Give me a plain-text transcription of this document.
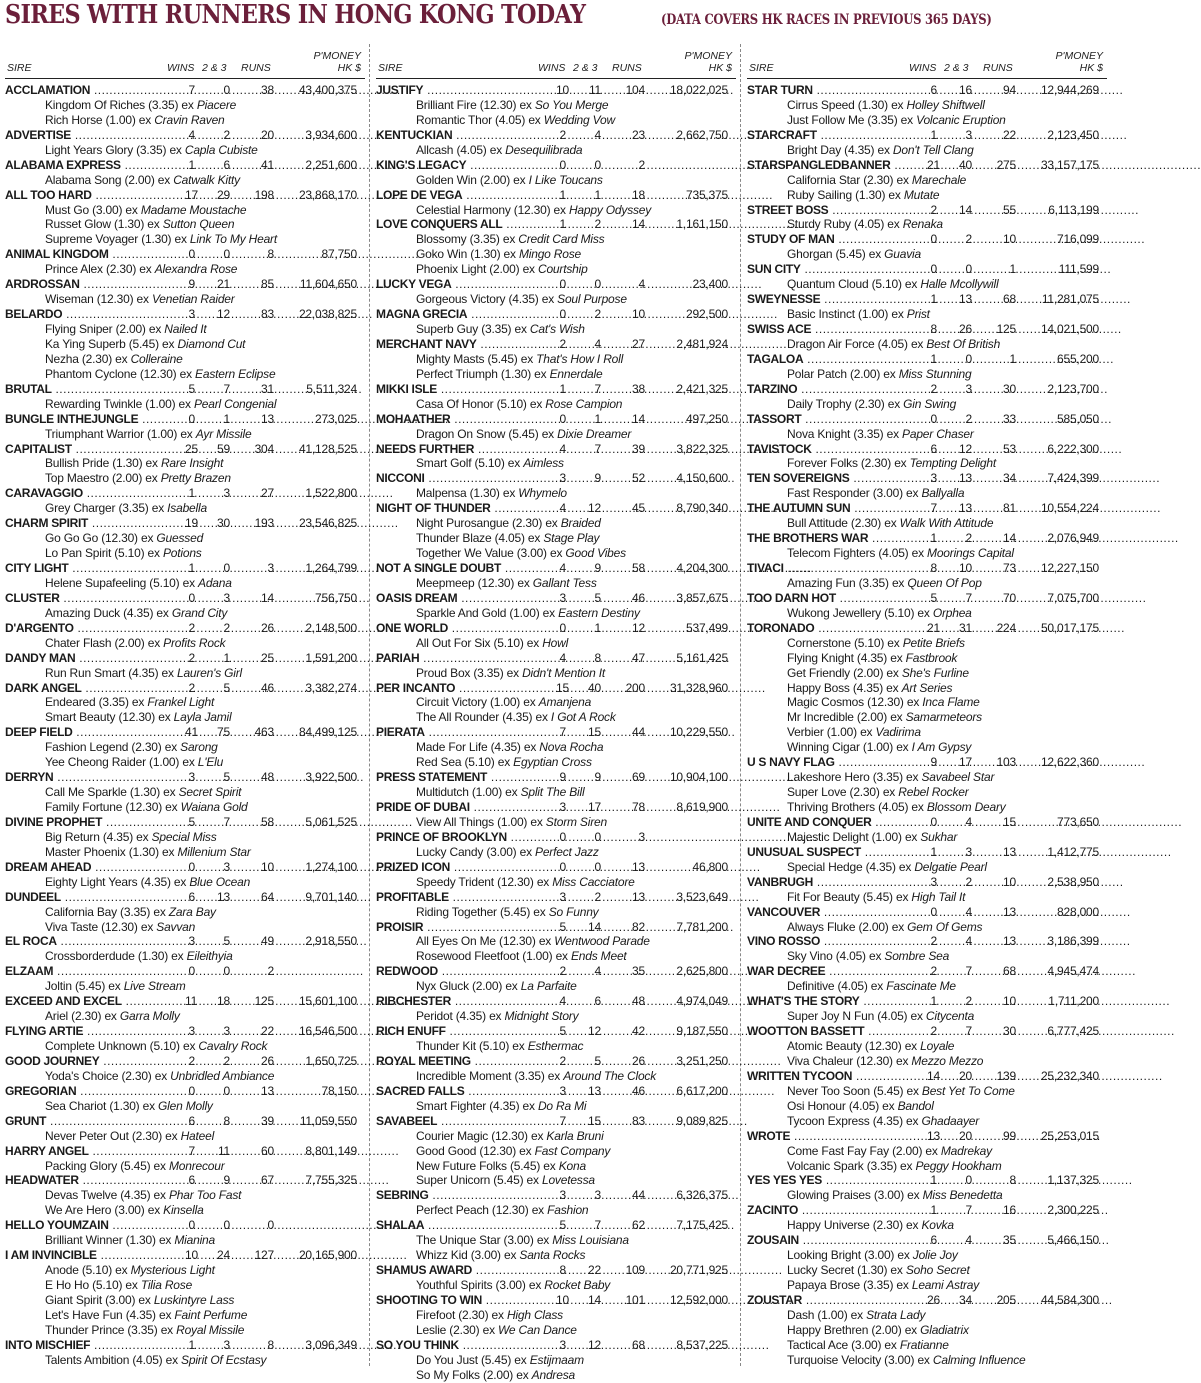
SIRES WITH RUNNERS IN HONG KONG TODAY	(DATA COVERS HK RACES IN PREVIOUS 365 DAYS)
SIRE	WINS 2 & 3 RUNS
P'MONEY
HK $
ACCLAMATION .....	7	0	38 43,400,375
Kingdom Of Riches (3.35) ex Piacere
Rich Horse (1.00) ex Cravin Raven
ADVERTISE .....	4	2	20	3,934,600
Light Years Glory (3.35) ex Capla Cubiste
ALABAMA EXPRESS .....	1	6	41	2,251,600
Alabama Song (2.00) ex Catwalk Kitty
ALL TOO HARD .....	17	29	198 23,868,170
Must Go (3.00) ex Madame Moustache
Russet Glow (1.30) ex Sutton Queen
Supreme Voyager (1.30) ex Link To My Heart
ANIMAL KINGDOM .....	0	0	8	87,750
Prince Alex (2.30) ex Alexandra Rose
ARDROSSAN .....	9	21	85 11,604,650
Wiseman (12.30) ex Venetian Raider
BELARDO .....	3	12	83 22,038,825
Flying Sniper (2.00) ex Nailed It
Ka Ying Superb (5.45) ex Diamond Cut
Nezha (2.30) ex Colleraine
Phantom Cyclone (12.30) ex Eastern Eclipse
BRUTAL .....	5	7	31	5,511,324
Rewarding Twinkle (1.00) ex Pearl Congenial
BUNGLE INTHEJUNGLE .....	0	1	13	273,025
Triumphant Warrior (1.00) ex Ayr Missile
CAPITALIST .....	25	59	304 41,128,525
Bullish Pride (1.30) ex Rare Insight
Top Maestro (2.00) ex Pretty Brazen
CARAVAGGIO .....	1	3	27	1,522,800
Grey Charger (3.35) ex Isabella
CHARM SPIRIT .....	19	30	193 23,546,825
Go Go Go (12.30) ex Guessed
Lo Pan Spirit (5.10) ex Potions
CITY LIGHT .....	1	0	3	1,264,799
Helene Supafeeling (5.10) ex Adana
CLUSTER .....	0	3	14	756,750
Amazing Duck (4.35) ex Grand City
D'ARGENTO .....	2	2	26	2,148,500
Chater Flash (2.00) ex Profits Rock
DANDY MAN .....	2	1	25	1,591,200
Run Run Smart (4.35) ex Lauren's Girl
DARK ANGEL .....	2	5	46	3,382,274
Endeared (3.35) ex Frankel Light
Smart Beauty (12.30) ex Layla Jamil
DEEP FIELD .....	41	75	463 84,499,125
Fashion Legend (2.30) ex Sarong
Yee Cheong Raider (1.00) ex L'Elu
DERRYN .....	3	5	48	3,922,500
Call Me Sparkle (1.30) ex Secret Spirit
Family Fortune (12.30) ex Waiana Gold
DIVINE PROPHET .....	5	7	58	5,061,525
Big Return (4.35) ex Special Miss
Master Phoenix (1.30) ex Millenium Star
DREAM AHEAD .....	0	3	10	1,274,100
Eighty Light Years (4.35) ex Blue Ocean
DUNDEEL .....	6	13	64	9,701,140
California Bay (3.35) ex Zara Bay
Viva Taste (12.30) ex Savvan
EL ROCA .....	3	5	49	2,918,550
Crossborderdude (1.30) ex Eileithyia
ELZAAM .....	0	0	2
Joltin (5.45) ex Live Stream
EXCEED AND EXCEL .....	11	18	125 15,601,100
Ariel (2.30) ex Garra Molly
FLYING ARTIE .....	3	3	22 16,546,500
Complete Unknown (5.10) ex Cavalry Rock
GOOD JOURNEY .....	2	2	26	1,650,725
Yoda's Choice (2.30) ex Unbridled Ambiance
GREGORIAN .....	0	0	13	78,150
Sea Chariot (1.30) ex Glen Molly
GRUNT .....	6	8	39 11,059,550
Never Peter Out (2.30) ex Hateel
HARRY ANGEL .....	7	11	60	8,801,149
Packing Glory (5.45) ex Monrecour
HEADWATER .....	6	9	67	7,755,325
Devas Twelve (4.35) ex Phar Too Fast
We Are Hero (3.00) ex Kinsella
HELLO YOUMZAIN .....	0	0	0
Brilliant Winner (1.30) ex Mianina
I AM INVINCIBLE .....	10	24	127 20,165,900
Anode (5.10) ex Mysterious Light
E Ho Ho (5.10) ex Tilia Rose
Giant Spirit (3.00) ex Luskintyre Lass
Let's Have Fun (4.35) ex Faint Perfume
Thunder Prince (3.35) ex Royal Missile
INTO MISCHIEF .....	1	3	8	3,096,349
Talents Ambition (4.05) ex Spirit Of Ecstasy
SIRE	WINS 2 & 3 RUNS
P'MONEY
HK $
JUSTIFY .....	10	11	104 18,022,025
Brilliant Fire (12.30) ex So You Merge
Romantic Thor (4.05) ex Wedding Vow
KENTUCKIAN .....	2	4	23	2,662,750
Allcash (4.05) ex Desequilibrada
KING'S LEGACY .....	0	0	2
Golden Win (2.00) ex I Like Toucans
LOPE DE VEGA .....	1	1	18	735,375
Celestial Harmony (12.30) ex Happy Odyssey
LOVE CONQUERS ALL .....	1	2	14	1,161,150
Blossomy (3.35) ex Credit Card Miss
Goko Win (1.30) ex Mingo Rose
Phoenix Light (2.00) ex Courtship
LUCKY VEGA .....	0	0	4	23,400
Gorgeous Victory (4.35) ex Soul Purpose
MAGNA GRECIA .....	0	2	10	292,500
Superb Guy (3.35) ex Cat's Wish
MERCHANT NAVY .....	2	4	27	2,481,924
Mighty Masts (5.45) ex That's How I Roll
Perfect Triumph (1.30) ex Ennerdale
MIKKI ISLE .....	1	7	38	2,421,325
Casa Of Honor (5.10) ex Rose Campion
MOHAATHER .....	0	1	14	497,250
Dragon On Snow (5.45) ex Dixie Dreamer
NEEDS FURTHER .....	4	7	39	3,822,325
Smart Golf (5.10) ex Aimless
NICCONI .....	3	9	52	4,150,600
Malpensa (1.30) ex Whymelo
NIGHT OF THUNDER .....	4	12	45	8,790,340
Night Purosangue (2.30) ex Braided
Thunder Blaze (4.05) ex Stage Play
Together We Value (3.00) ex Good Vibes
NOT A SINGLE DOUBT .....	4	9	58	4,204,300
Meepmeep (12.30) ex Gallant Tess
OASIS DREAM .....	3	5	46	3,857,675
Sparkle And Gold (1.00) ex Eastern Destiny
ONE WORLD .....	0	1	12	537,499
All Out For Six (5.10) ex Howl
PARIAH .....	4	8	47	5,161,425
Proud Box (3.35) ex Didn't Mention It
PER INCANTO .....	15	40	200 31,328,960
Circuit Victory (1.00) ex Amanjena
The All Rounder (4.35) ex I Got A Rock
PIERATA .....	7	15	44 10,229,550
Made For Life (4.35) ex Nova Rocha
Red Sea (5.10) ex Egyptian Cross
PRESS STATEMENT .....	9	9	69 10,904,100
Multidutch (1.00) ex Split The Bill
PRIDE OF DUBAI .....	3	17	78	8,619,900
View All Things (1.00) ex Storm Siren
PRINCE OF BROOKLYN .....	0	0	3
Lucky Candy (3.00) ex Perfect Jazz
PRIZED ICON .....	0	0	13	46,800
Speedy Trident (12.30) ex Miss Cacciatore
PROFITABLE .....	3	2	13	3,523,649
Riding Together (5.45) ex So Funny
PROISIR .....	5	14	82	7,781,200
All Eyes On Me (12.30) ex Wentwood Parade
Rosewood Fleetfoot (1.00) ex Ends Meet
REDWOOD .....	2	4	35	2,625,800
Nyx Gluck (2.00) ex La Parfaite
RIBCHESTER .....	4	6	48	4,974,049
Peridot (4.35) ex Midnight Story
RICH ENUFF .....	5	12	42	9,187,550
Thunder Kit (5.10) ex Esthermac
ROYAL MEETING .....	2	5	26	3,251,250
Incredible Moment (3.35) ex Around The Clock
SACRED FALLS .....	3	13	46	6,617,200
Smart Fighter (4.35) ex Do Ra Mi
SAVABEEL .....	7	15	83	9,089,825
Courier Magic (12.30) ex Karla Bruni
Good Good (12.30) ex Fast Company
New Future Folks (5.45) ex Kona
Super Unicorn (5.45) ex Lovetessa
SEBRING .....	3	3	44	6,326,375
Perfect Peach (12.30) ex Fashion
SHALAA .....	5	7	62	7,175,425
The Unique Star (3.00) ex Miss Louisiana
Whizz Kid (3.00) ex Santa Rocks
SHAMUS AWARD .....	8	22	109 20,771,925
Youthful Spirits (3.00) ex Rocket Baby
SHOOTING TO WIN .....	10	14	101 12,592,000
Firefoot (2.30) ex High Class
Leslie (2.30) ex We Can Dance
SO YOU THINK .....	3	12	68	8,537,225
Do You Just (5.45) ex Estijmaam
So My Folks (2.00) ex Andresa
SIRE	WINS 2 & 3 RUNS
P'MONEY
HK $
STAR TURN .....	6	16	94 12,944,269
Cirrus Speed (1.30) ex Holley Shiftwell
Just Follow Me (3.35) ex Volcanic Eruption
STARCRAFT .....	1	3	22	2,123,450
Bright Day (4.35) ex Don't Tell Clang
STARSPANGLEDBANNER .....	21	40	275 33,157,175
California Star (2.30) ex Marechale
Ruby Sailing (1.30) ex Mutate
STREET BOSS .....	2	14	55	6,113,199
Sturdy Ruby (4.05) ex Renaka
STUDY OF MAN .....	0	2	10	716,099
Ghorgan (5.45) ex Guavia
SUN CITY .....	0	0	1	111,599
Quantum Cloud (5.10) ex Halle Mcollywill
SWEYNESSE .....	1	13	68 11,281,075
Basic Instinct (1.00) ex Prist
SWISS ACE .....	8	26	125 14,021,500
Dragon Air Force (4.05) ex Best Of British
TAGALOA .....	1	0	1	655,200
Polar Patch (2.00) ex Miss Stunning
TARZINO .....	2	3	30	2,123,700
Daily Trophy (2.30) ex Gin Swing
TASSORT .....	0	2	33	585,050
Nova Knight (3.35) ex Paper Chaser
TAVISTOCK .....	6	12	53	6,222,300
Forever Folks (2.30) ex Tempting Delight
TEN SOVEREIGNS .....	3	13	34	7,424,399
Fast Responder (3.00) ex Ballyalla
THE AUTUMN SUN .....	7	13	81 10,554,224
Bull Attitude (2.30) ex Walk With Attitude
THE BROTHERS WAR .....	1	2	14	2,076,949
Telecom Fighters (4.05) ex Moorings Capital
TIVACI .....	8	10	73 12,227,150
Amazing Fun (3.35) ex Queen Of Pop
TOO DARN HOT .....	5	7	70	7,075,700
Wukong Jewellery (5.10) ex Orphea
TORONADO .....	21	31	224 50,017,175
Cornerstone (5.10) ex Petite Briefs
Flying Knight (4.35) ex Fastbrook
Get Friendly (2.00) ex She's Furline
Happy Boss (4.35) ex Art Series
Magic Cosmos (12.30) ex Inca Flame
Mr Incredible (2.00) ex Samarmeteors
Verbier (1.00) ex Vadirima
Winning Cigar (1.00) ex I Am Gypsy
U S NAVY FLAG .....	9	17	103 12,622,360
Lakeshore Hero (3.35) ex Savabeel Star
Super Love (2.30) ex Rebel Rocker
Thriving Brothers (4.05) ex Blossom Deary
UNITE AND CONQUER .....	0	4	15	773,650
Majestic Delight (1.00) ex Sukhar
UNUSUAL SUSPECT .....	1	3	13	1,412,775
Special Hedge (4.35) ex Delgatie Pearl
VANBRUGH .....	3	2	10	2,538,950
Fit For Beauty (5.45) ex High Tail It
VANCOUVER .....	0	4	13	828,000
Always Fluke (2.00) ex Gem Of Gems
VINO ROSSO .....	2	4	13	3,186,399
Sky Vino (4.05) ex Sombre Sea
WAR DECREE .....	2	7	68	4,945,474
Definitive (4.05) ex Fascinate Me
WHAT'S THE STORY .....	1	2	10	1,711,200
Super Joy N Fun (4.05) ex Citycenta
WOOTTON BASSETT .....	2	7	30	6,777,425
Atomic Beauty (12.30) ex Loyale
Viva Chaleur (12.30) ex Mezzo Mezzo
WRITTEN TYCOON .....	14	20	139 25,232,340
Never Too Soon (5.45) ex Best Yet To Come
Osi Honour (4.05) ex Bandol
Tycoon Express (4.35) ex Ghadaayer
WROTE .....	13	20	99 25,253,015
Come Fast Fay Fay (2.00) ex Madrekay
Volcanic Spark (3.35) ex Peggy Hookham
YES YES YES .....	1	0	8	1,137,325
Glowing Praises (3.00) ex Miss Benedetta
ZACINTO .....	1	7	16	2,300,225
Happy Universe (2.30) ex Kovka
ZOUSAIN .....	6	4	35	5,466,150
Looking Bright (3.00) ex Jolie Joy
Lucky Secret (1.30) ex Soho Secret
Papaya Brose (3.35) ex Leami Astray
ZOUSTAR .....	26	34	205 44,584,300
Dash (1.00) ex Strata Lady
Happy Brethren (2.00) ex Gladiatrix
Tactical Ace (3.00) ex Fratianne
Turquoise Velocity (3.00) ex Calming Influence
